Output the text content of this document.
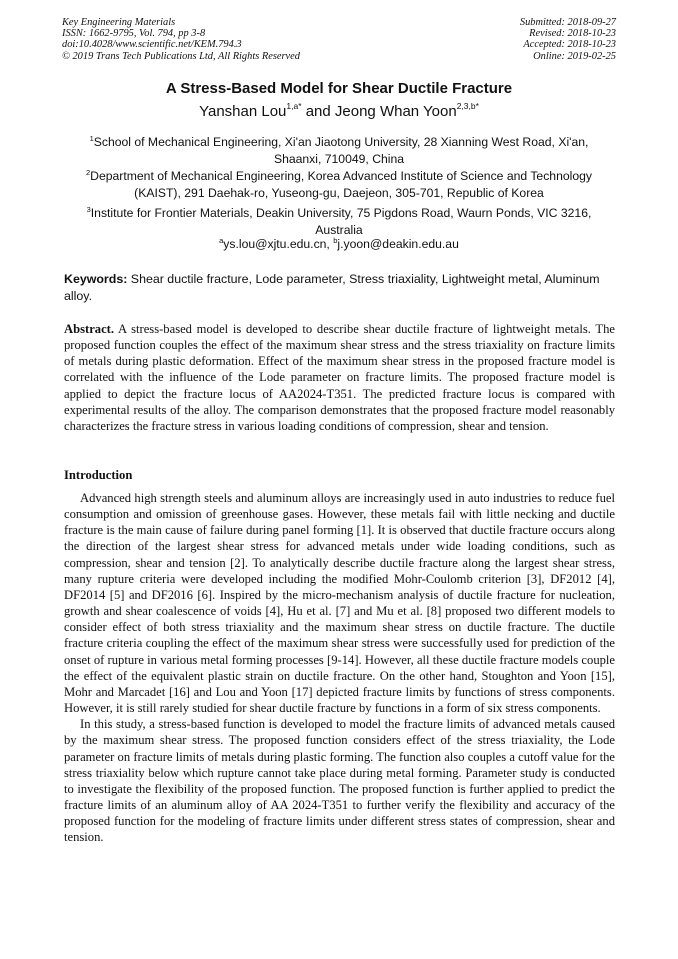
Key Engineering Materials
ISSN: 1662-9795, Vol. 794, pp 3-8
doi:10.4028/www.scientific.net/KEM.794.3
© 2019 Trans Tech Publications Ltd, All Rights Reserved
Submitted: 2018-09-27
Revised: 2018-10-23
Accepted: 2018-10-23
Online: 2019-02-25
A Stress-Based Model for Shear Ductile Fracture
Yanshan Lou$^{1,a*}$ and Jeong Whan Yoon$^{2,3,b*}$
$^1$School of Mechanical Engineering, Xi'an Jiaotong University, 28 Xianning West Road, Xi'an, Shaanxi, 710049, China
$^2$Department of Mechanical Engineering, Korea Advanced Institute of Science and Technology (KAIST), 291 Daehak-ro, Yuseong-gu, Daejeon, 305-701, Republic of Korea
$^3$Institute for Frontier Materials, Deakin University, 75 Pigdons Road, Waurn Ponds, VIC 3216, Australia
$^a$ys.lou@xjtu.edu.cn, $^b$j.yoon@deakin.edu.au
Keywords: Shear ductile fracture, Lode parameter, Stress triaxiality, Lightweight metal, Aluminum alloy.
Abstract. A stress-based model is developed to describe shear ductile fracture of lightweight metals. The proposed function couples the effect of the maximum shear stress and the stress triaxiality on fracture limits of metals during plastic deformation. Effect of the maximum shear stress in the proposed fracture model is correlated with the influence of the Lode parameter on fracture limits. The proposed fracture model is applied to depict the fracture locus of AA2024-T351. The predicted fracture locus is compared with experimental results of the alloy. The comparison demonstrates that the proposed fracture model reasonably characterizes the fracture stress in various loading conditions of compression, shear and tension.
Introduction

Advanced high strength steels and aluminum alloys are increasingly used in auto industries to reduce fuel consumption and omission of greenhouse gases. However, these metals fail with little necking and ductile fracture is the main cause of failure during panel forming [1]. It is observed that ductile fracture occurs along the direction of the largest shear stress for advanced metals under wide loading conditions, such as compression, shear and tension [2]. To analytically describe ductile fracture along the largest shear stress, many rupture criteria were developed including the modified Mohr-Coulomb criterion [3], DF2012 [4], DF2014 [5] and DF2016 [6]. Inspired by the micro-mechanism analysis of ductile fracture for nucleation, growth and shear coalescence of voids [4], Hu et al. [7] and Mu et al. [8] proposed two different models to consider effect of both stress triaxiality and the maximum shear stress on ductile fracture. The ductile fracture criteria coupling the effect of the maximum shear stress were successfully used for prediction of the onset of rupture in various metal forming processes [9-14]. However, all these ductile fracture models couple the effect of the equivalent plastic strain on ductile fracture. On the other hand, Stoughton and Yoon [15], Mohr and Marcadet [16] and Lou and Yoon [17] depicted fracture limits by functions of stress components. However, it is still rarely studied for shear ductile fracture by functions in a form of six stress components.

In this study, a stress-based function is developed to model the fracture limits of advanced metals caused by the maximum shear stress. The proposed function considers effect of the stress triaxiality, the Lode parameter on fracture limits of metals during plastic forming. The function also couples a cutoff value for the stress triaxiality below which rupture cannot take place during metal forming. Parameter study is conducted to investigate the flexibility of the proposed function. The proposed function is further applied to predict the fracture limits of an aluminum alloy of AA 2024-T351 to further verify the flexibility and accuracy of the proposed function for the modeling of fracture limits under different stress states of compression, shear and tension.
